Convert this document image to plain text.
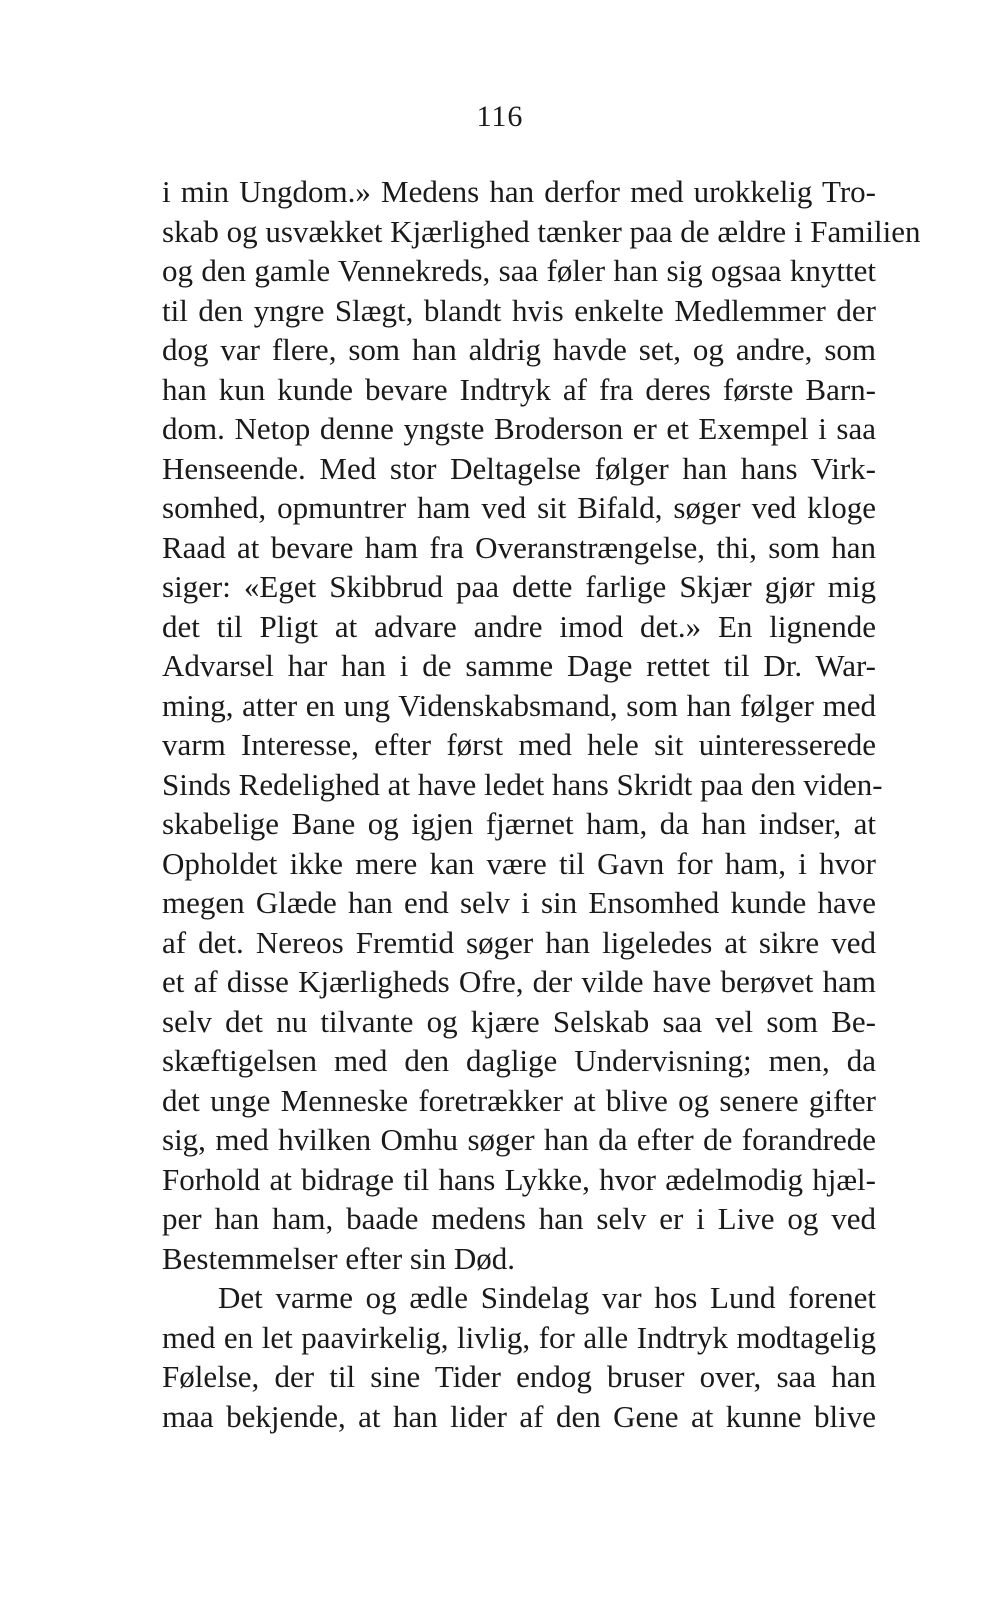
116
i min Ungdom.» Medens han derfor med urokkelig Tro-
skab og usvækket Kjærlighed tænker paa de ældre i Familien
og den gamle Vennekreds, saa føler han sig ogsaa knyttet
til den yngre Slægt, blandt hvis enkelte Medlemmer der
dog var flere, som han aldrig havde set, og andre, som
han kun kunde bevare Indtryk af fra deres første Barn-
dom. Netop denne yngste Broderson er et Exempel i saa
Henseende. Med stor Deltagelse følger han hans Virk-
somhed, opmuntrer ham ved sit Bifald, søger ved kloge
Raad at bevare ham fra Overanstrængelse, thi, som han
siger: «Eget Skibbrud paa dette farlige Skjær gjør mig
det til Pligt at advare andre imod det.» En lignende
Advarsel har han i de samme Dage rettet til Dr. War-
ming, atter en ung Videnskabsmand, som han følger med
varm Interesse, efter først med hele sit uinteresserede
Sinds Redelighed at have ledet hans Skridt paa den viden-
skabelige Bane og igjen fjærnet ham, da han indser, at
Opholdet ikke mere kan være til Gavn for ham, i hvor
megen Glæde han end selv i sin Ensomhed kunde have
af det. Nereos Fremtid søger han ligeledes at sikre ved
et af disse Kjærligheds Ofre, der vilde have berøvet ham
selv det nu tilvante og kjære Selskab saa vel som Be-
skæftigelsen med den daglige Undervisning; men, da
det unge Menneske foretrækker at blive og senere gifter
sig, med hvilken Omhu søger han da efter de forandrede
Forhold at bidrage til hans Lykke, hvor ædelmodig hjæl-
per han ham, baade medens han selv er i Live og ved
Bestemmelser efter sin Død.
Det varme og ædle Sindelag var hos Lund forenet
med en let paavirkelig, livlig, for alle Indtryk modtagelig
Følelse, der til sine Tider endog bruser over, saa han
maa bekjende, at han lider af den Gene at kunne blive
